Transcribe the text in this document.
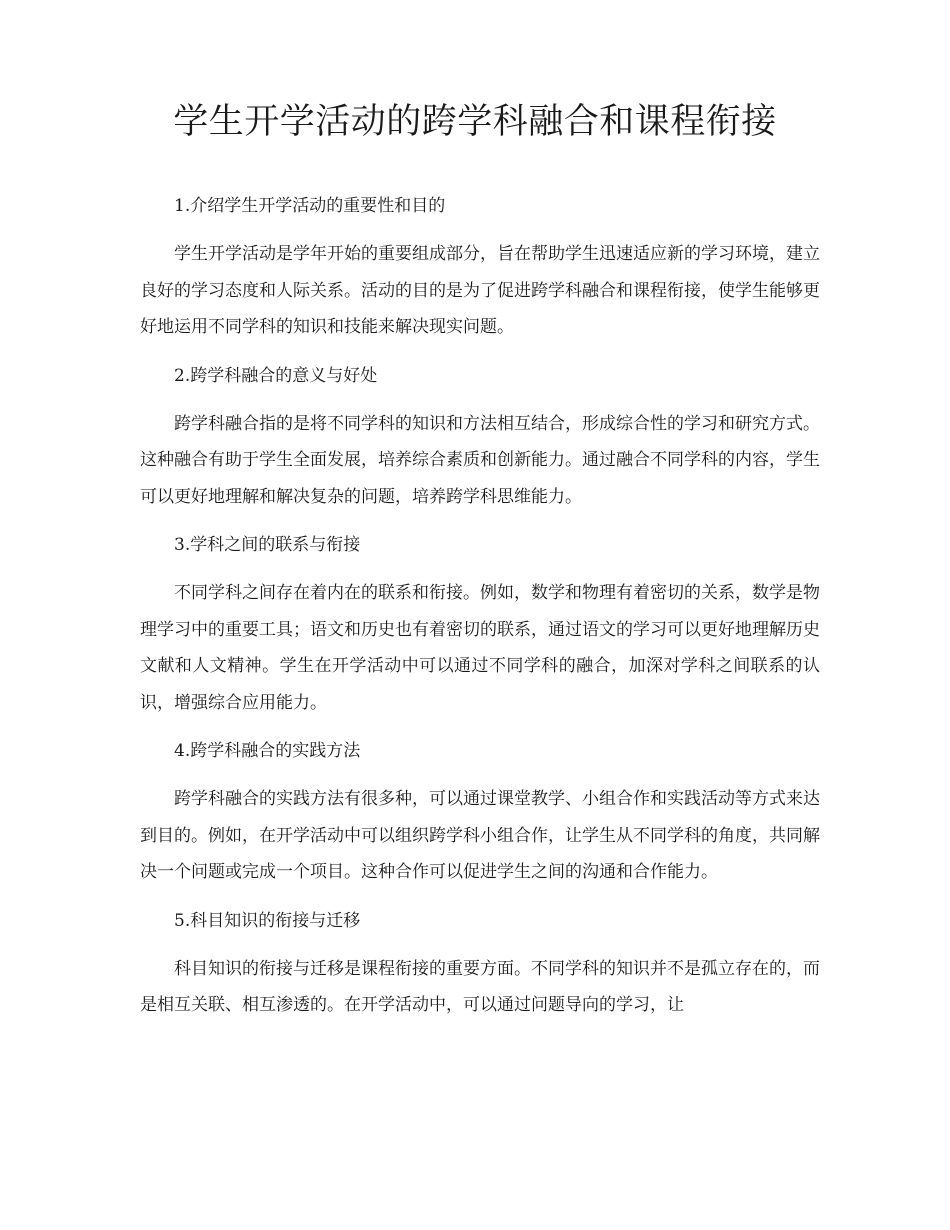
学生开学活动的跨学科融合和课程衔接

1.介绍学生开学活动的重要性和目的

学生开学活动是学年开始的重要组成部分，旨在帮助学生迅速适应新的学习环境，建立良好的学习态度和人际关系。活动的目的是为了促进跨学科融合和课程衔接，使学生能够更好地运用不同学科的知识和技能来解决现实问题。

2.跨学科融合的意义与好处

跨学科融合指的是将不同学科的知识和方法相互结合，形成综合性的学习和研究方式。这种融合有助于学生全面发展，培养综合素质和创新能力。通过融合不同学科的内容，学生可以更好地理解和解决复杂的问题，培养跨学科思维能力。

3.学科之间的联系与衔接

不同学科之间存在着内在的联系和衔接。例如，数学和物理有着密切的关系，数学是物理学习中的重要工具；语文和历史也有着密切的联系，通过语文的学习可以更好地理解历史文献和人文精神。学生在开学活动中可以通过不同学科的融合，加深对学科之间联系的认识，增强综合应用能力。

4.跨学科融合的实践方法

跨学科融合的实践方法有很多种，可以通过课堂教学、小组合作和实践活动等方式来达到目的。例如，在开学活动中可以组织跨学科小组合作，让学生从不同学科的角度，共同解决一个问题或完成一个项目。这种合作可以促进学生之间的沟通和合作能力。

5.科目知识的衔接与迁移

科目知识的衔接与迁移是课程衔接的重要方面。不同学科的知识并不是孤立存在的，而是相互关联、相互渗透的。在开学活动中，可以通过问题导向的学习，让
